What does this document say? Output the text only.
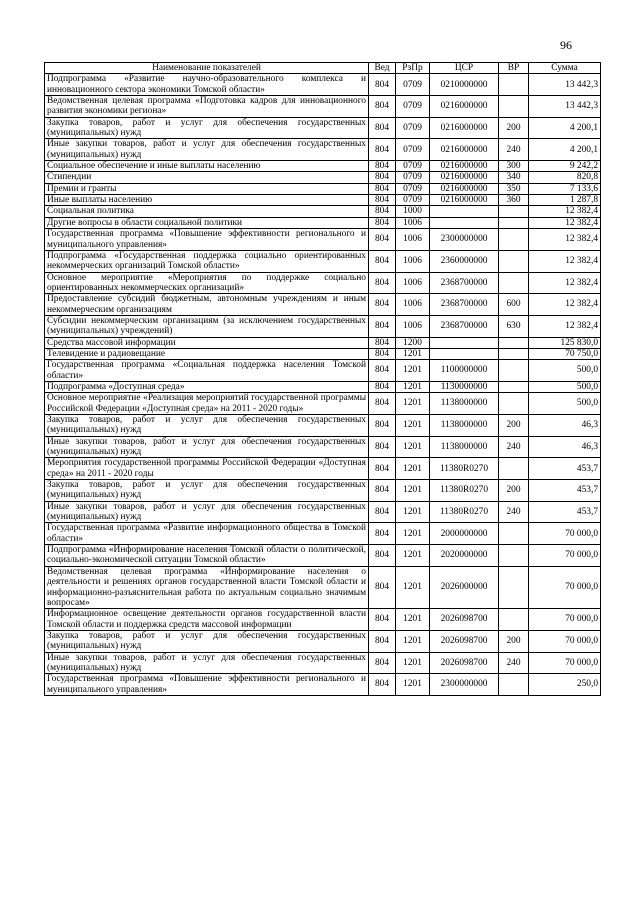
96
Наименование показателей	Вед	РзПр	ЦСР	ВР	Сумма
Подпрограмма «Развитие научно-образовательного комплекса и инновационного сектора экономики Томской области»	804	0709	0210000000		13 442,3
Ведомственная целевая программа «Подготовка кадров для инновационного развития экономики региона»	804	0709	0216000000		13 442,3
Закупка товаров, работ и услуг для обеспечения государственных (муниципальных) нужд	804	0709	0216000000	200	4 200,1
Иные закупки товаров, работ и услуг для обеспечения государственных (муниципальных) нужд	804	0709	0216000000	240	4 200,1
Социальное обеспечение и иные выплаты населению	804	0709	0216000000	300	9 242,2
Стипендии	804	0709	0216000000	340	820,8
Премии и гранты	804	0709	0216000000	350	7 133,6
Иные выплаты населению	804	0709	0216000000	360	1 287,8
Социальная политика	804	1000			12 382,4
Другие вопросы в области социальной политики	804	1006			12 382,4
Государственная программа «Повышение эффективности регионального и муниципального управления»	804	1006	2300000000		12 382,4
Подпрограмма «Государственная поддержка социально ориентированных некоммерческих организаций Томской области»	804	1006	2360000000		12 382,4
Основное мероприятие «Мероприятия по поддержке социально ориентированных некоммерческих организаций»	804	1006	2368700000		12 382,4
Предоставление субсидий бюджетным, автономным учреждениям и иным некоммерческим организациям	804	1006	2368700000	600	12 382,4
Субсидии некоммерческим организациям (за исключением государственных (муниципальных) учреждений)	804	1006	2368700000	630	12 382,4
Средства массовой информации	804	1200			125 830,0
Телевидение и радиовещание	804	1201			70 750,0
Государственная программа «Социальная поддержка населения Томской области»	804	1201	1100000000		500,0
Подпрограмма «Доступная среда»	804	1201	1130000000		500,0
Основное мероприятие «Реализация мероприятий государственной программы Российской Федерации «Доступная среда» на 2011 - 2020 годы»	804	1201	1138000000		500,0
Закупка товаров, работ и услуг для обеспечения государственных (муниципальных) нужд	804	1201	1138000000	200	46,3
Иные закупки товаров, работ и услуг для обеспечения государственных (муниципальных) нужд	804	1201	1138000000	240	46,3
Мероприятия государственной программы Российской Федерации «Доступная среда» на 2011 - 2020 годы	804	1201	11380R0270		453,7
Закупка товаров, работ и услуг для обеспечения государственных (муниципальных) нужд	804	1201	11380R0270	200	453,7
Иные закупки товаров, работ и услуг для обеспечения государственных (муниципальных) нужд	804	1201	11380R0270	240	453,7
Государственная программа «Развитие информационного общества в Томской области»	804	1201	2000000000		70 000,0
Подпрограмма «Информирование населения Томской области о политической, социально-экономической ситуации Томской области»	804	1201	2020000000		70 000,0
Ведомственная целевая программа «Информирование населения о деятельности и решениях органов государственной власти Томской области и информационно-разъяснительная работа по актуальным социально значимым вопросам»	804	1201	2026000000		70 000,0
Информационное освещение деятельности органов государственной власти Томской области и поддержка средств массовой информации	804	1201	2026098700		70 000,0
Закупка товаров, работ и услуг для обеспечения государственных (муниципальных) нужд	804	1201	2026098700	200	70 000,0
Иные закупки товаров, работ и услуг для обеспечения государственных (муниципальных) нужд	804	1201	2026098700	240	70 000,0
Государственная программа «Повышение эффективности регионального и муниципального управления»	804	1201	2300000000		250,0
